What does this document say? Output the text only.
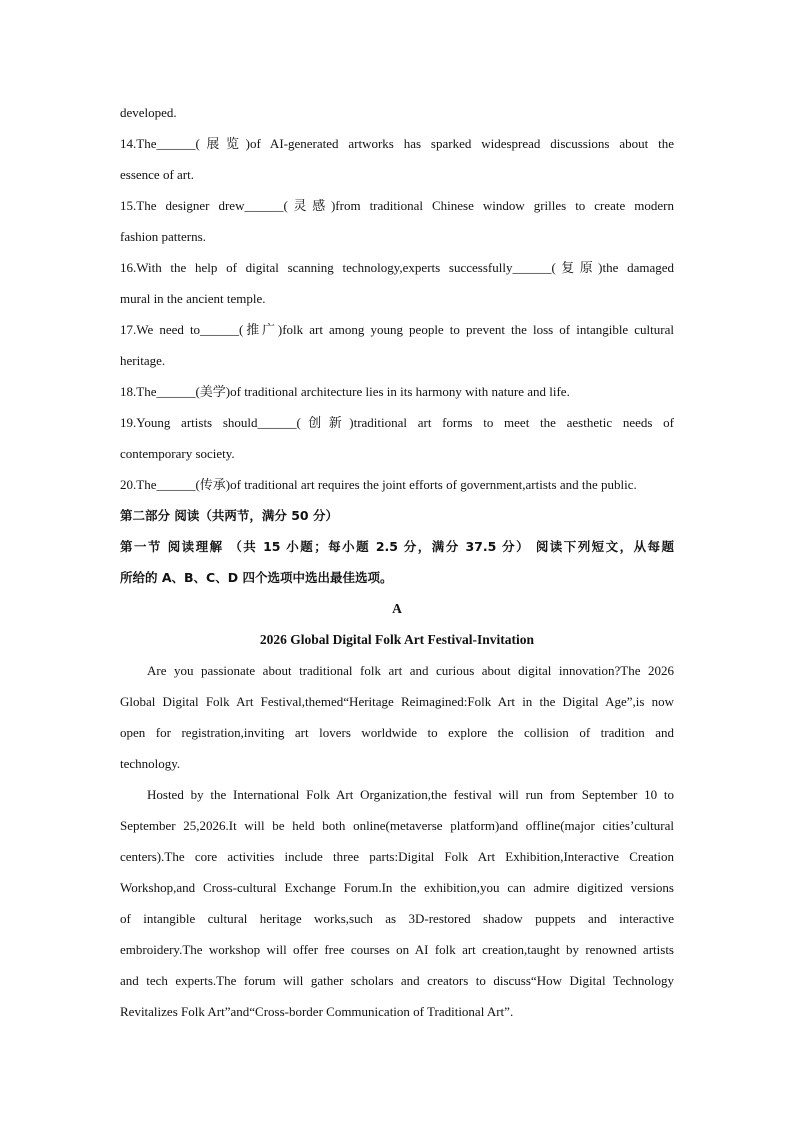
developed.
14.The______(展览)of AI-generated artworks has sparked widespread discussions about the
essence of art.
15.The designer drew______(灵感)from traditional Chinese window grilles to create modern
fashion patterns.
16.With the help of digital scanning technology,experts successfully______(复原)the damaged
mural in the ancient temple.
17.We need to______(推广)folk art among young people to prevent the loss of intangible cultural
heritage.
18.The______(美学)of traditional architecture lies in its harmony with nature and life.
19.Young artists should______(创新)traditional art forms to meet the aesthetic needs of
contemporary society.
20.The______(传承)of traditional art requires the joint efforts of government,artists and the public.
第二部分 阅读（共两节，满分 50 分）
第一节 阅读理解 （共 15 小题；每小题 2.5 分，满分 37.5 分） 阅读下列短文，从每题
所给的 A、B、C、D 四个选项中选出最佳选项。
A
2026 Global Digital Folk Art Festival-Invitation
Are you passionate about traditional folk art and curious about digital innovation?The 2026
Global Digital Folk Art Festival,themed“Heritage Reimagined:Folk Art in the Digital Age”,is now
open for registration,inviting art lovers worldwide to explore the collision of tradition and
technology.
Hosted by the International Folk Art Organization,the festival will run from September 10 to
September 25,2026.It will be held both online(metaverse platform)and offline(major cities’cultural
centers).The core activities include three parts:Digital Folk Art Exhibition,Interactive Creation
Workshop,and Cross-cultural Exchange Forum.In the exhibition,you can admire digitized versions
of intangible cultural heritage works,such as 3D-restored shadow puppets and interactive
embroidery.The workshop will offer free courses on AI folk art creation,taught by renowned artists
and tech experts.The forum will gather scholars and creators to discuss“How Digital Technology
Revitalizes Folk Art”and“Cross-border Communication of Traditional Art”.
